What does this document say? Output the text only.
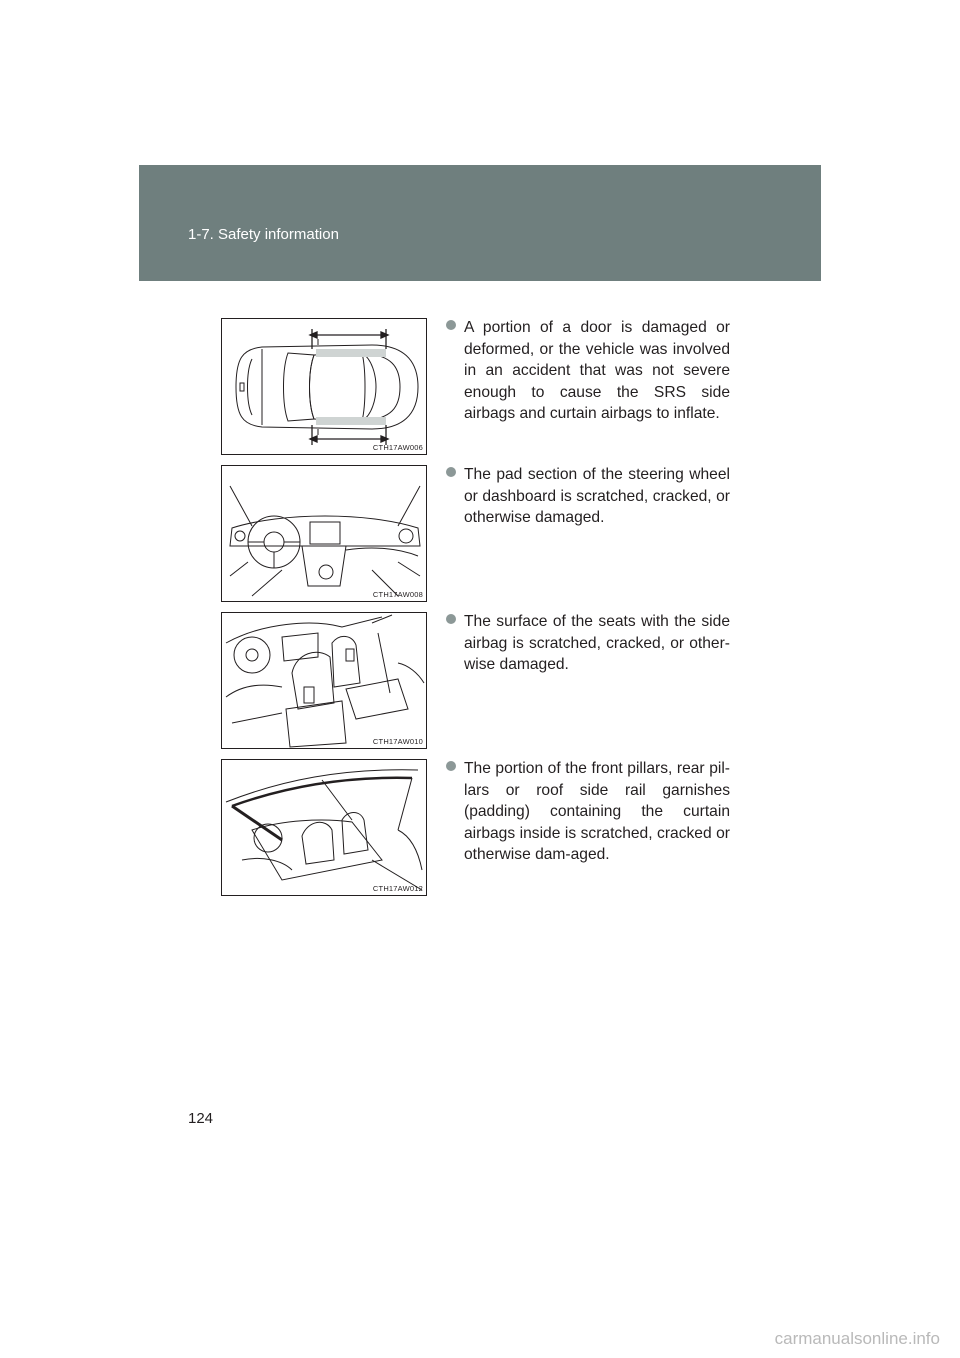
1-7. Safety information
CTH17AW006
CTH17AW008
CTH17AW010
CTH17AW012

A portion of a door is damaged or deformed, or the vehicle was involved in an accident that was not severe enough to cause the SRS side airbags and curtain airbags to inflate.

The pad section of the steering wheel or dashboard is scratched, cracked, or otherwise damaged.

The surface of the seats with the side airbag is scratched, cracked, or other-wise damaged.

The portion of the front pillars, rear pil-lars or roof side rail garnishes (padding) containing the curtain airbags inside is scratched, cracked or otherwise dam-aged.

124
carmanualsonline.info
